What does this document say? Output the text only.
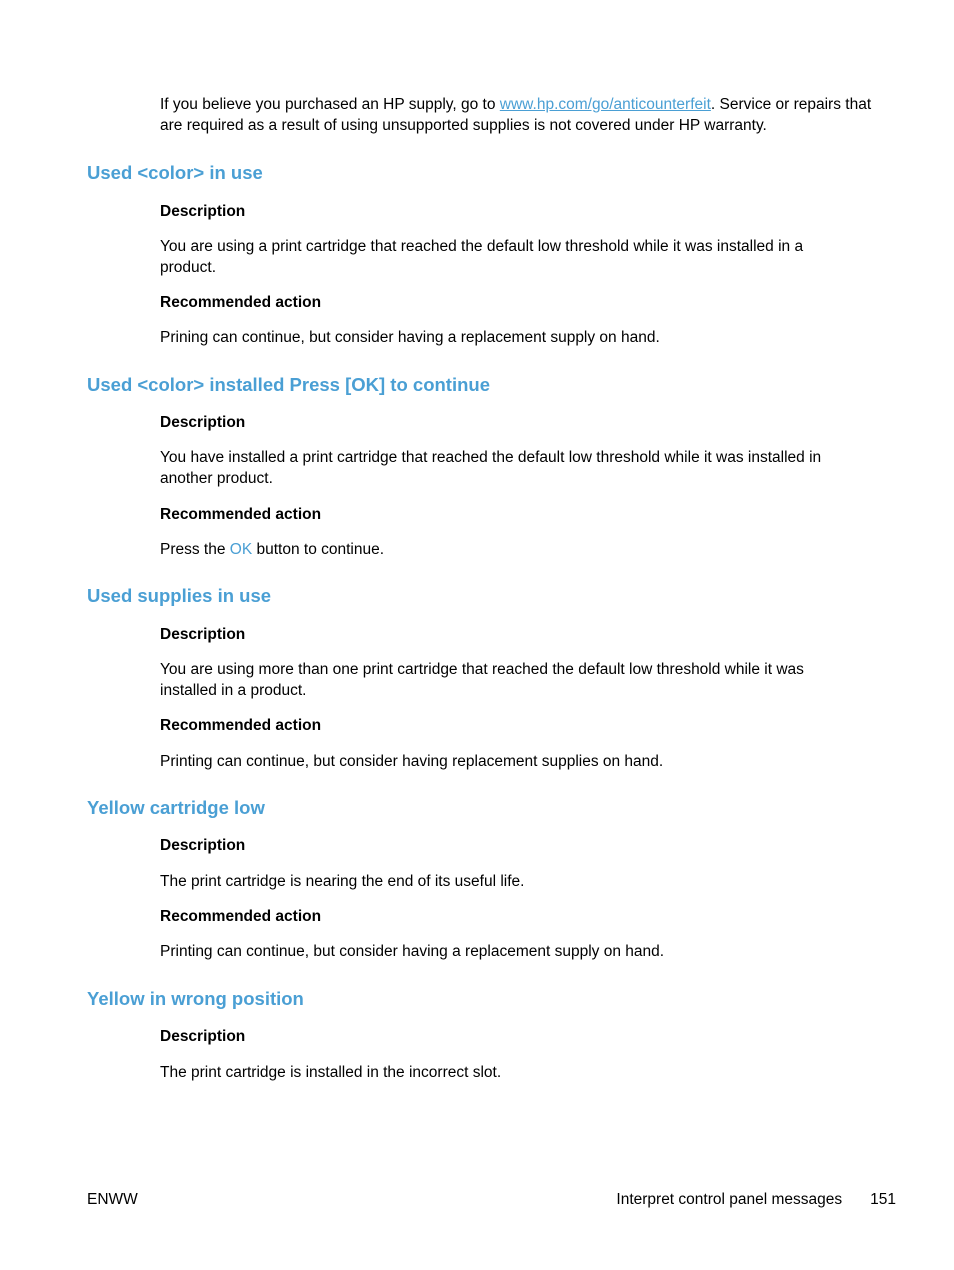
If you believe you purchased an HP supply, go to www.hp.com/go/anticounterfeit. Service or repairs that are required as a result of using unsupported supplies is not covered under HP warranty.

Used <color> in use

Description

You are using a print cartridge that reached the default low threshold while it was installed in a product.

Recommended action

Prining can continue, but consider having a replacement supply on hand.

Used <color> installed Press [OK] to continue

Description

You have installed a print cartridge that reached the default low threshold while it was installed in another product.

Recommended action

Press the OK button to continue.

Used supplies in use

Description

You are using more than one print cartridge that reached the default low threshold while it was installed in a product.

Recommended action

Printing can continue, but consider having replacement supplies on hand.

Yellow cartridge low

Description

The print cartridge is nearing the end of its useful life.

Recommended action

Printing can continue, but consider having a replacement supply on hand.

Yellow in wrong position

Description

The print cartridge is installed in the incorrect slot.

ENWW	Interpret control panel messages 151
